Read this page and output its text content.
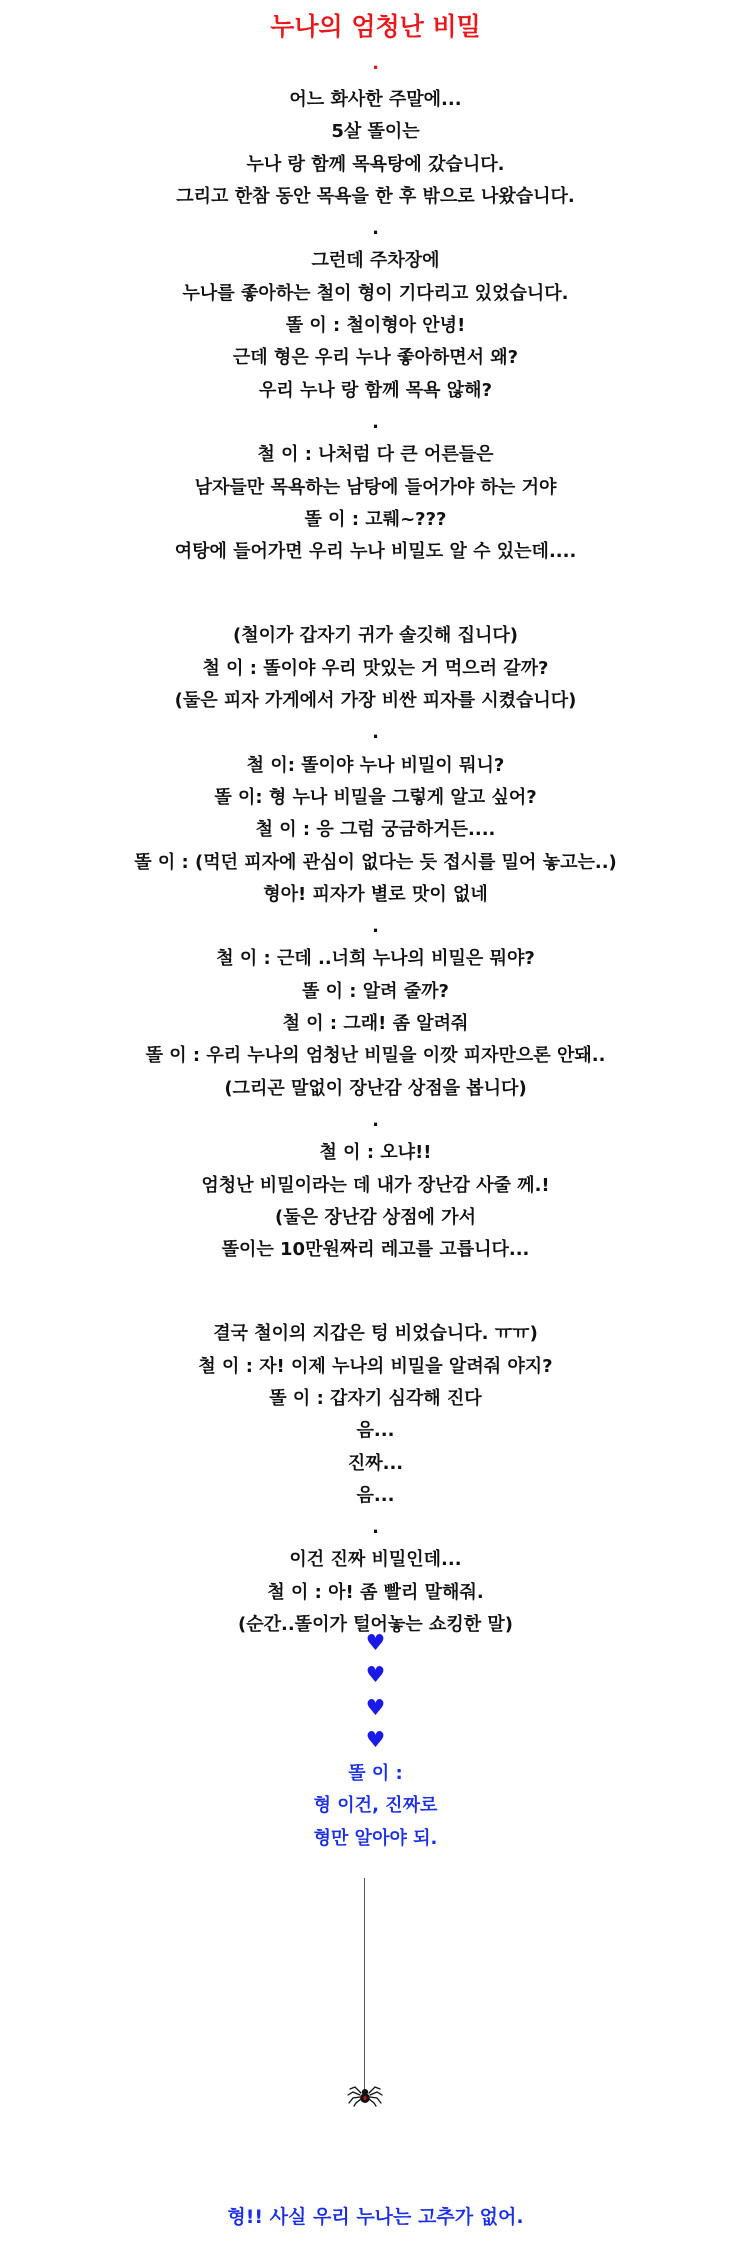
누나의 엄청난 비밀
.
어느 화사한 주말에...
5살 똘이는
누나 랑 함께 목욕탕에 갔습니다.
그리고 한참 동안 목욕을 한 후 밖으로 나왔습니다.
.
그런데 주차장에
누나를 좋아하는 철이 형이 기다리고 있었습니다.
똘 이 : 철이형아 안녕!
근데 형은 우리 누나 좋아하면서 왜?
우리 누나 랑 함께 목욕 않해?
.
철 이 : 나처럼 다 큰 어른들은
남자들만 목욕하는 남탕에 들어가야 하는 거야
똘 이 : 고뤠~???
여탕에 들어가면 우리 누나 비밀도 알 수 있는데....
(철이가 갑자기 귀가 솔깃해 집니다)
철 이 : 똘이야 우리 맛있는 거 먹으러 갈까?
(둘은 피자 가게에서 가장 비싼 피자를 시켰습니다)
.
철 이: 똘이야 누나 비밀이 뭐니?
똘 이: 형 누나 비밀을 그렇게 알고 싶어?
철 이 : 응 그럼 궁금하거든....
똘 이 : (먹던 피자에 관심이 없다는 듯 접시를 밀어 놓고는..)
형아! 피자가 별로 맛이 없네
.
철 이 : 근데 ..너희 누나의 비밀은 뭐야?
똘 이 : 알려 줄까?
철 이 : 그래! 좀 알려줘
똘 이 : 우리 누나의 엄청난 비밀을 이깟 피자만으론 안돼..
(그리곤 말없이 장난감 상점을 봅니다)
.
철 이 : 오냐!!
엄청난 비밀이라는 데 내가 장난감 사줄 께.!
(둘은 장난감 상점에 가서
똘이는 10만원짜리 레고를 고릅니다...
결국 철이의 지갑은 텅 비었습니다. ㅠㅠ)
철 이 : 자! 이제 누나의 비밀을 알려줘 야지?
똘 이 : 갑자기 심각해 진다
음...
진짜...
음...
.
이건 진짜 비밀인데...
철 이 : 아! 좀 빨리 말해줘.
(순간..똘이가 털어놓는 쇼킹한 말)
♥
♥
♥
♥
똘 이 :
형 이건, 진짜로
형만 알아야 되.
형!! 사실 우리 누나는 고추가 없어.
